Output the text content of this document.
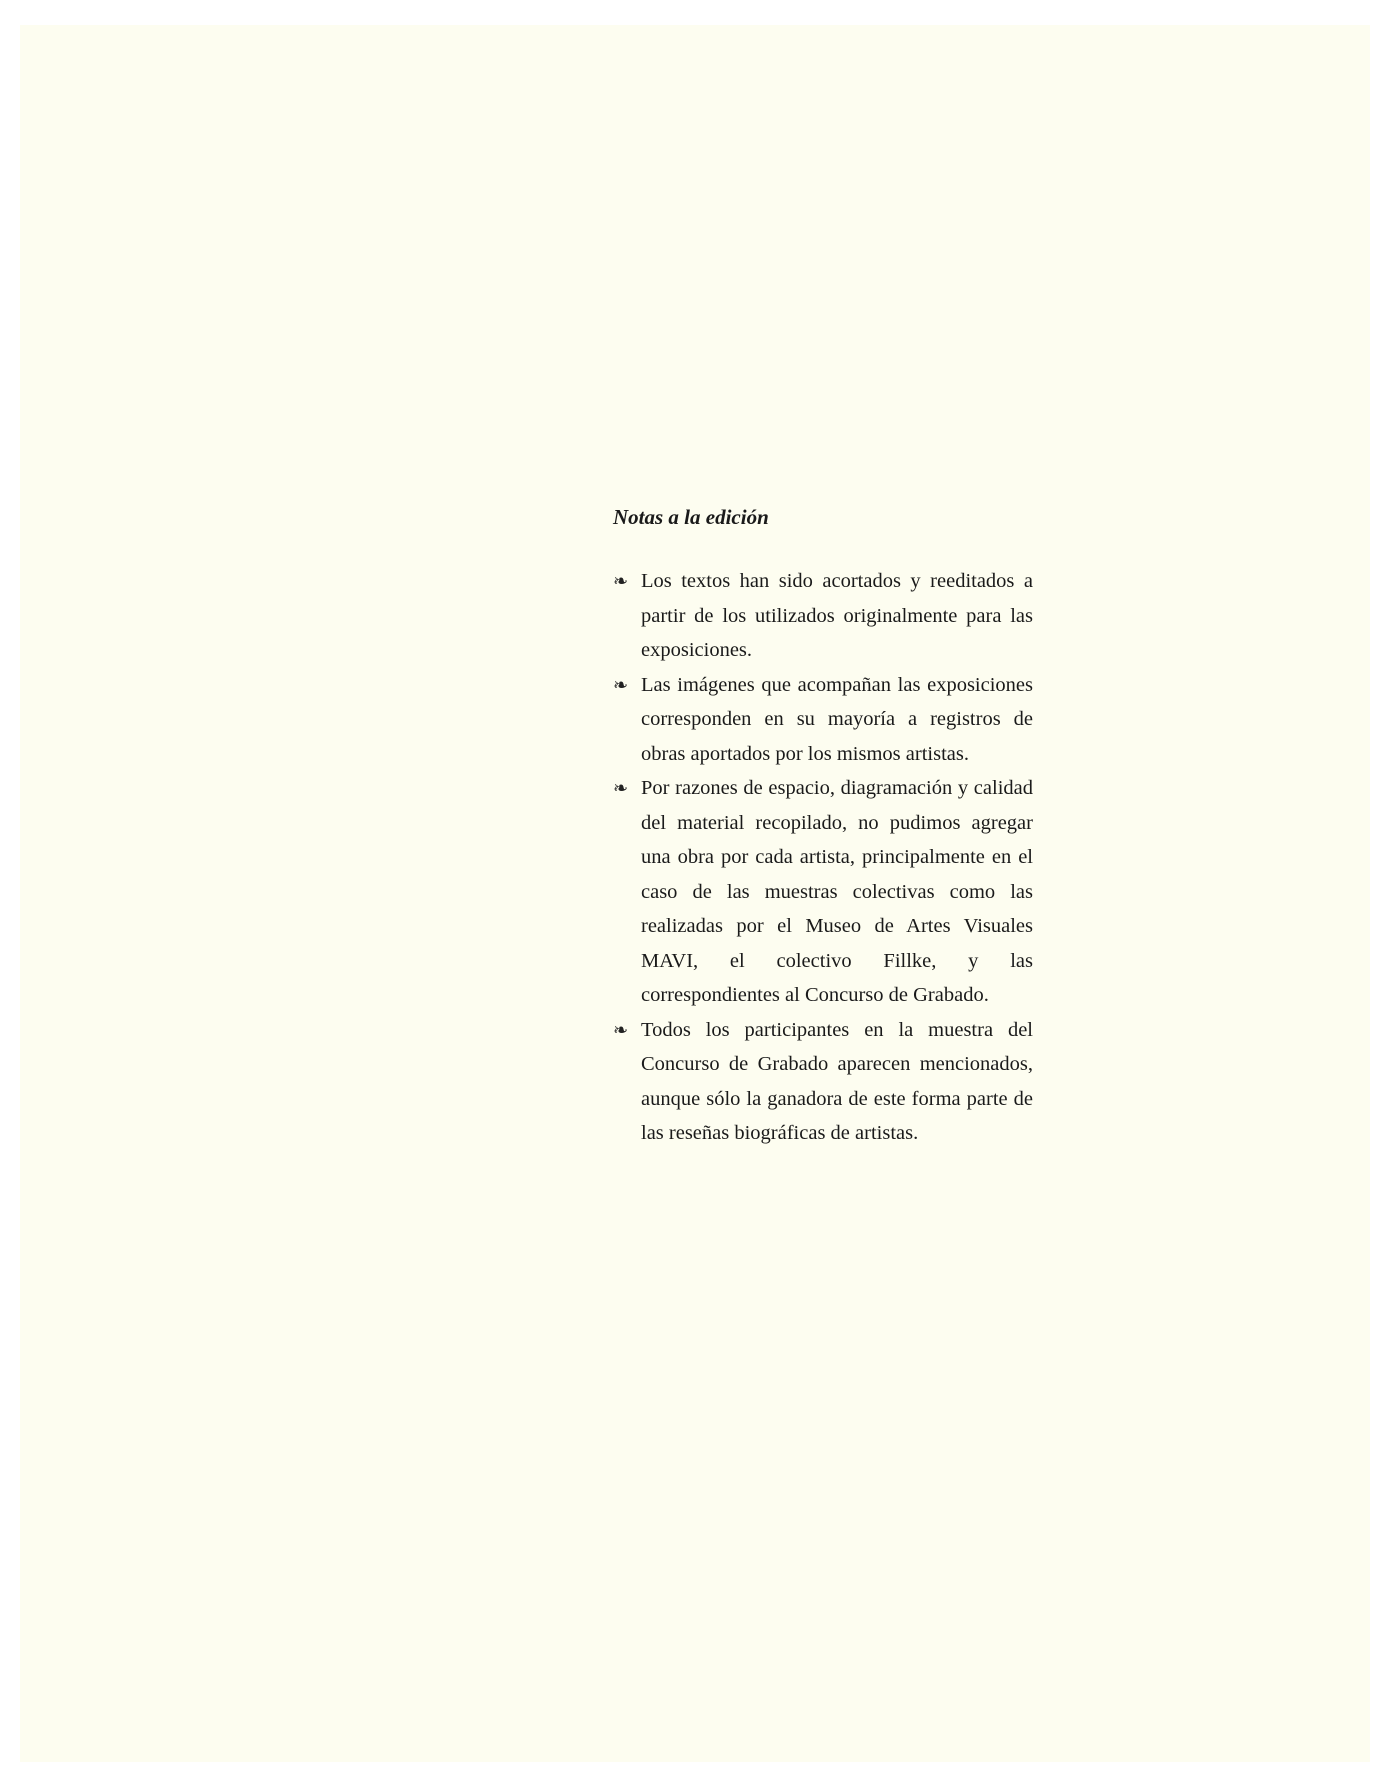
Notas a la edición
❧ Los textos han sido acortados y reeditados a partir de los utilizados originalmente para las exposiciones.
❧ Las imágenes que acompañan las exposiciones corresponden en su mayoría a registros de obras aportados por los mismos artistas.
❧ Por razones de espacio, diagramación y calidad del material recopilado, no pudimos agregar una obra por cada artista, principalmente en el caso de las muestras colectivas como las realizadas por el Museo de Artes Visuales MAVI, el colectivo Fillke, y las correspondientes al Concurso de Grabado.
❧ Todos los participantes en la muestra del Concurso de Grabado aparecen mencionados, aunque sólo la ganadora de este forma parte de las reseñas biográficas de artistas.
